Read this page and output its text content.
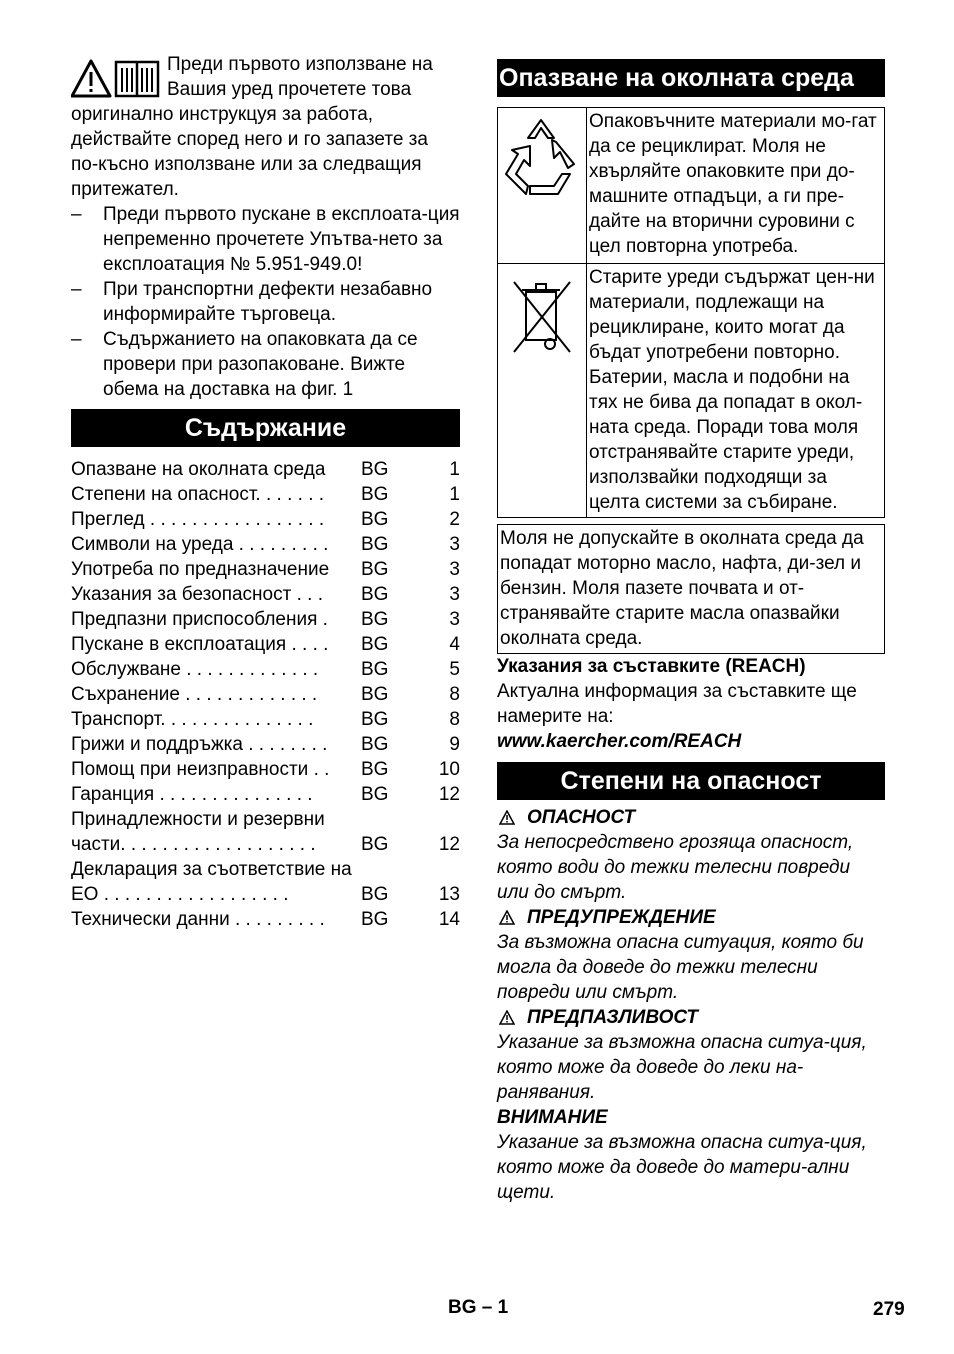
Преди първото използване на Вашия уред прочетете това оригинално инструкцуя за работа, действайте според него и го запазете за по-късно използване или за следващия притежател.
– Преди първото пускане в експлоата-ция непременно прочетете Упътва-нето за експлоатация № 5.951-949.0!
– При транспортни дефекти незабавно информирайте търговеца.
– Съдържанието на опаковката да се провери при разопаковане. Вижте обема на доставка на фиг. 1
Съдържание
Опазване на околната среда	BG	1
Степени на опасност. . . . . . .	BG	1
Преглед . . . . . . . . . . . . . . . . .	BG	2
Символи на уреда . . . . . . . . .	BG	3
Употреба по предназначение	BG	3
Указания за безопасност . . .	BG	3
Предпазни приспособления .	BG	3
Пускане в експлоатация . . . .	BG	4
Обслужване . . . . . . . . . . . . .	BG	5
Съхранение . . . . . . . . . . . . .	BG	8
Транспорт. . . . . . . . . . . . . . .	BG	8
Грижи и поддръжка . . . . . . . .	BG	9
Помощ при неизправности . .	BG	10
Гаранция . . . . . . . . . . . . . . .	BG	12
Принадлежности и резервни части. . . . . . . . . . . . . . . . . . .	BG	12
Декларация за съответствие на ЕО . . . . . . . . . . . . . . . . . .	BG	13
Технически данни . . . . . . . . .	BG	14
Опазване на околната среда
	Опаковъчните материали мо-гат да се рециклират. Моля не хвърляйте опаковките при до-машните отпадъци, а ги пре-дайте на вторични суровини с цел повторна употреба.
	Старите уреди съдържат цен-ни материали, подлежащи на рециклиране, които могат да бъдат употребени повторно. Батерии, масла и подобни на тях не бива да попадат в окол-ната среда. Поради това моля отстранявайте старите уреди, използвайки подходящи за целта системи за събиране.
Моля не допускайте в околната среда да попадат моторно масло, нафта, ди-зел и бензин. Моля пазете почвата и от-странявайте старите масла опазвайки околната среда.
Указания за съставките (REACH)
Актуална информация за съставките ще намерите на:
www.kaercher.com/REACH
Степени на опасност
ОПАСНОСТ
За непосредствено грозяща опасност, която води до тежки телесни повреди или до смърт.
ПРЕДУПРЕЖДЕНИЕ
За възможна опасна ситуация, която би могла да доведе до тежки телесни повреди или смърт.
ПРЕДПАЗЛИВОСТ
Указание за възможна опасна ситуа-ция, която може да доведе до леки на-ранявания.
ВНИМАНИЕ
Указание за възможна опасна ситуа-ция, която може да доведе до матери-ални щети.
BG – 1	279
